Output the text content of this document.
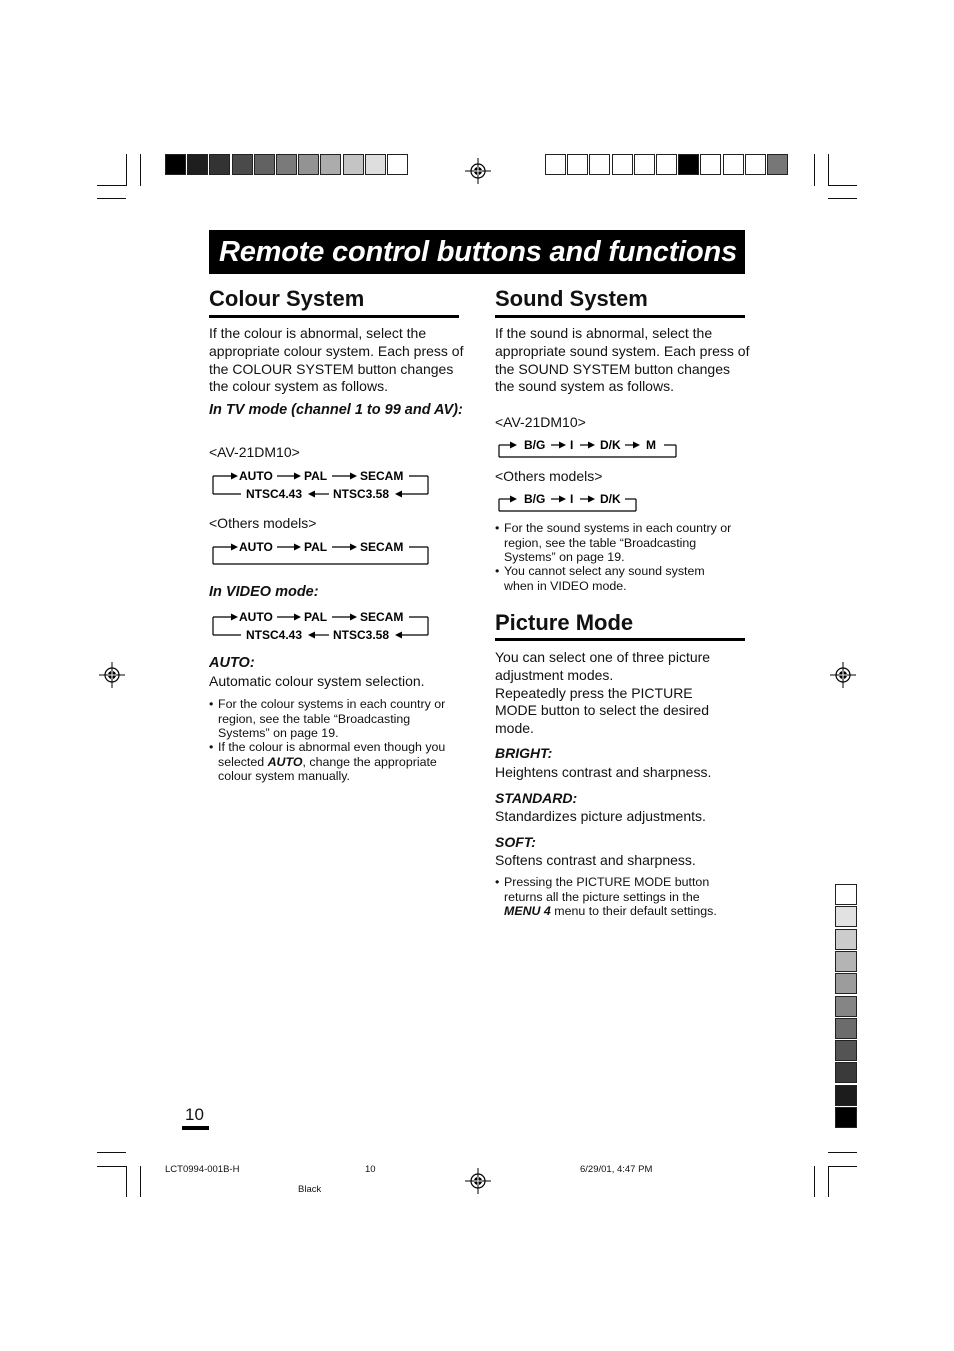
Remote control buttons and functions
Colour System
If the colour is abnormal, select the appropriate colour system. Each press of the COLOUR SYSTEM button changes the colour system as follows.
In TV mode (channel 1 to 99 and AV):
<AV-21DM10>
AUTO	PAL	SECAM
NTSC3.58
NTSC4.43
<Others models>
AUTO	PAL	SECAM
In VIDEO mode:
AUTO	PAL	SECAM
NTSC3.58
NTSC4.43
AUTO:
Automatic colour system selection.
• For the colour systems in each country or region, see the table “Broadcasting Systems” on page 19.
• If the colour is abnormal even though you selected AUTO, change the appropriate colour system manually.
Sound System
If the sound is abnormal, select the appropriate sound system. Each press of the SOUND SYSTEM button changes the sound system as follows.
<AV-21DM10>
B/G I D/K M
<Others models>
B/G I D/K
• For the sound systems in each country or region, see the table “Broadcasting Systems” on page 19.
• You cannot select any sound system when in VIDEO mode.
Picture Mode
You can select one of three picture adjustment modes.
Repeatedly press the PICTURE MODE button to select the desired mode.
BRIGHT:
Heightens contrast and sharpness.
STANDARD:
Standardizes picture adjustments.
SOFT:
Softens contrast and sharpness.
• Pressing the PICTURE MODE button returns all the picture settings in the MENU 4 menu to their default settings.
10
LCT0994-001B-H	10	6/29/01, 4:47 PM
Black
